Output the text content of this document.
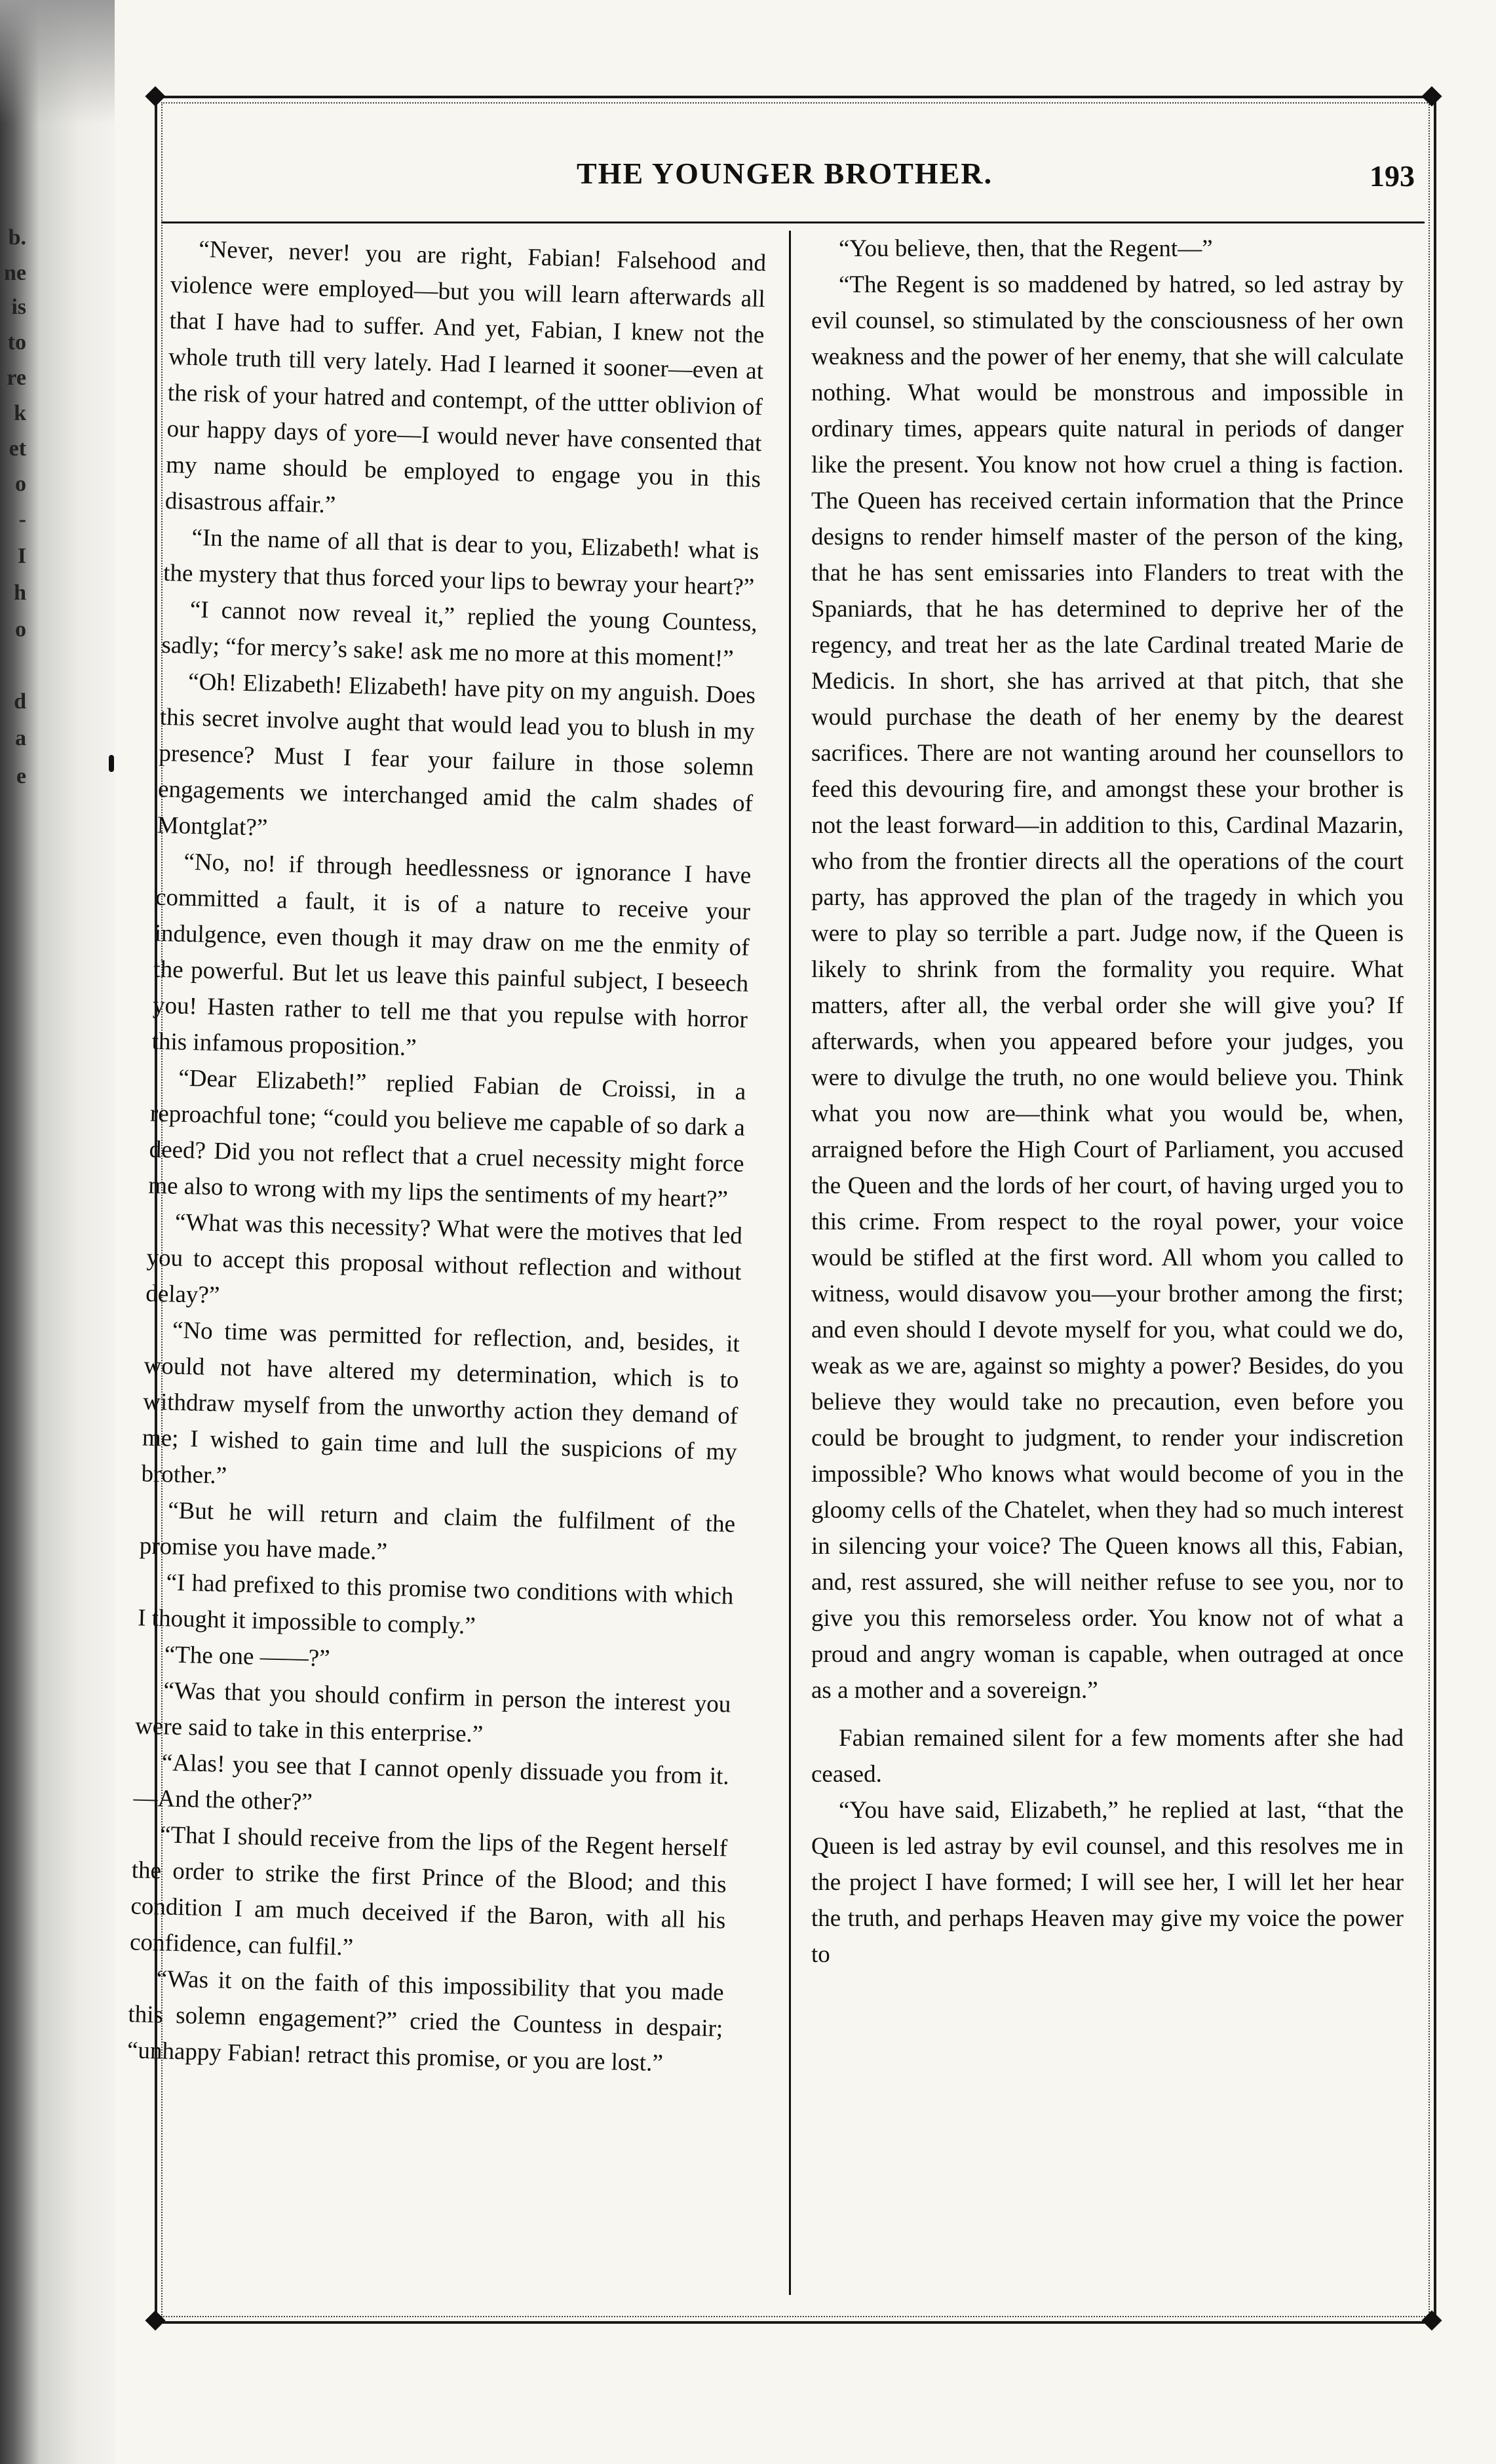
b.
ne
is
to
re
k
et
o
-
I
h
o
d
a
e
THE YOUNGER BROTHER.	193

“Never, never! you are right, Fabian! Falsehood and violence were employed—but you will learn afterwards all that I have had to suffer. And yet, Fabian, I knew not the whole truth till very lately. Had I learned it sooner—even at the risk of your hatred and contempt, of the uttter oblivion of our happy days of yore—I would never have consented that my name should be employed to engage you in this disastrous affair.”

“In the name of all that is dear to you, Elizabeth! what is the mystery that thus forced your lips to bewray your heart?”

“I cannot now reveal it,” replied the young Countess, sadly; “for mercy’s sake! ask me no more at this moment!”

“Oh! Elizabeth! Elizabeth! have pity on my anguish. Does this secret involve aught that would lead you to blush in my presence? Must I fear your failure in those solemn engagements we interchanged amid the calm shades of Montglat?”

“No, no! if through heedlessness or ignorance I have committed a fault, it is of a nature to receive your indulgence, even though it may draw on me the enmity of the powerful. But let us leave this painful subject, I beseech you! Hasten rather to tell me that you repulse with horror this infamous proposition.”

“Dear Elizabeth!” replied Fabian de Croissi, in a reproachful tone; “could you believe me capable of so dark a deed? Did you not reflect that a cruel necessity might force me also to wrong with my lips the sentiments of my heart?”

“What was this necessity? What were the motives that led you to accept this proposal without reflection and without delay?”

“No time was permitted for reflection, and, besides, it would not have altered my determination, which is to withdraw myself from the unworthy action they demand of me; I wished to gain time and lull the suspicions of my brother.”

“But he will return and claim the fulfilment of the promise you have made.”

“I had prefixed to this promise two conditions with which I thought it impossible to comply.”

“The one ——?”

“Was that you should confirm in person the interest you were said to take in this enterprise.”

“Alas! you see that I cannot openly dissuade you from it.—And the other?”

“That I should receive from the lips of the Regent herself the order to strike the first Prince of the Blood; and this condition I am much deceived if the Baron, with all his confidence, can fulfil.”

“Was it on the faith of this impossibility that you made this solemn engagement?” cried the Countess in despair; “unhappy Fabian! retract this promise, or you are lost.”

“You believe, then, that the Regent—”

“The Regent is so maddened by hatred, so led astray by evil counsel, so stimulated by the consciousness of her own weakness and the power of her enemy, that she will calculate nothing. What would be monstrous and impossible in ordinary times, appears quite natural in periods of danger like the present. You know not how cruel a thing is faction. The Queen has received certain information that the Prince designs to render himself master of the person of the king, that he has sent emissaries into Flanders to treat with the Spaniards, that he has determined to deprive her of the regency, and treat her as the late Cardinal treated Marie de Medicis. In short, she has arrived at that pitch, that she would purchase the death of her enemy by the dearest sacrifices. There are not wanting around her counsellors to feed this devouring fire, and amongst these your brother is not the least forward—in addition to this, Cardinal Mazarin, who from the frontier directs all the operations of the court party, has approved the plan of the tragedy in which you were to play so terrible a part. Judge now, if the Queen is likely to shrink from the formality you require. What matters, after all, the verbal order she will give you? If afterwards, when you appeared before your judges, you were to divulge the truth, no one would believe you. Think what you now are—think what you would be, when, arraigned before the High Court of Parliament, you accused the Queen and the lords of her court, of having urged you to this crime. From respect to the royal power, your voice would be stifled at the first word. All whom you called to witness, would disavow you—your brother among the first; and even should I devote myself for you, what could we do, weak as we are, against so mighty a power? Besides, do you believe they would take no precaution, even before you could be brought to judgment, to render your indiscretion impossible? Who knows what would become of you in the gloomy cells of the Chatelet, when they had so much interest in silencing your voice? The Queen knows all this, Fabian, and, rest assured, she will neither refuse to see you, nor to give you this remorseless order. You know not of what a proud and angry woman is capable, when outraged at once as a mother and a sovereign.”

Fabian remained silent for a few moments after she had ceased.

“You have said, Elizabeth,” he replied at last, “that the Queen is led astray by evil counsel, and this resolves me in the project I have formed; I will see her, I will let her hear the truth, and perhaps Heaven may give my voice the power to
